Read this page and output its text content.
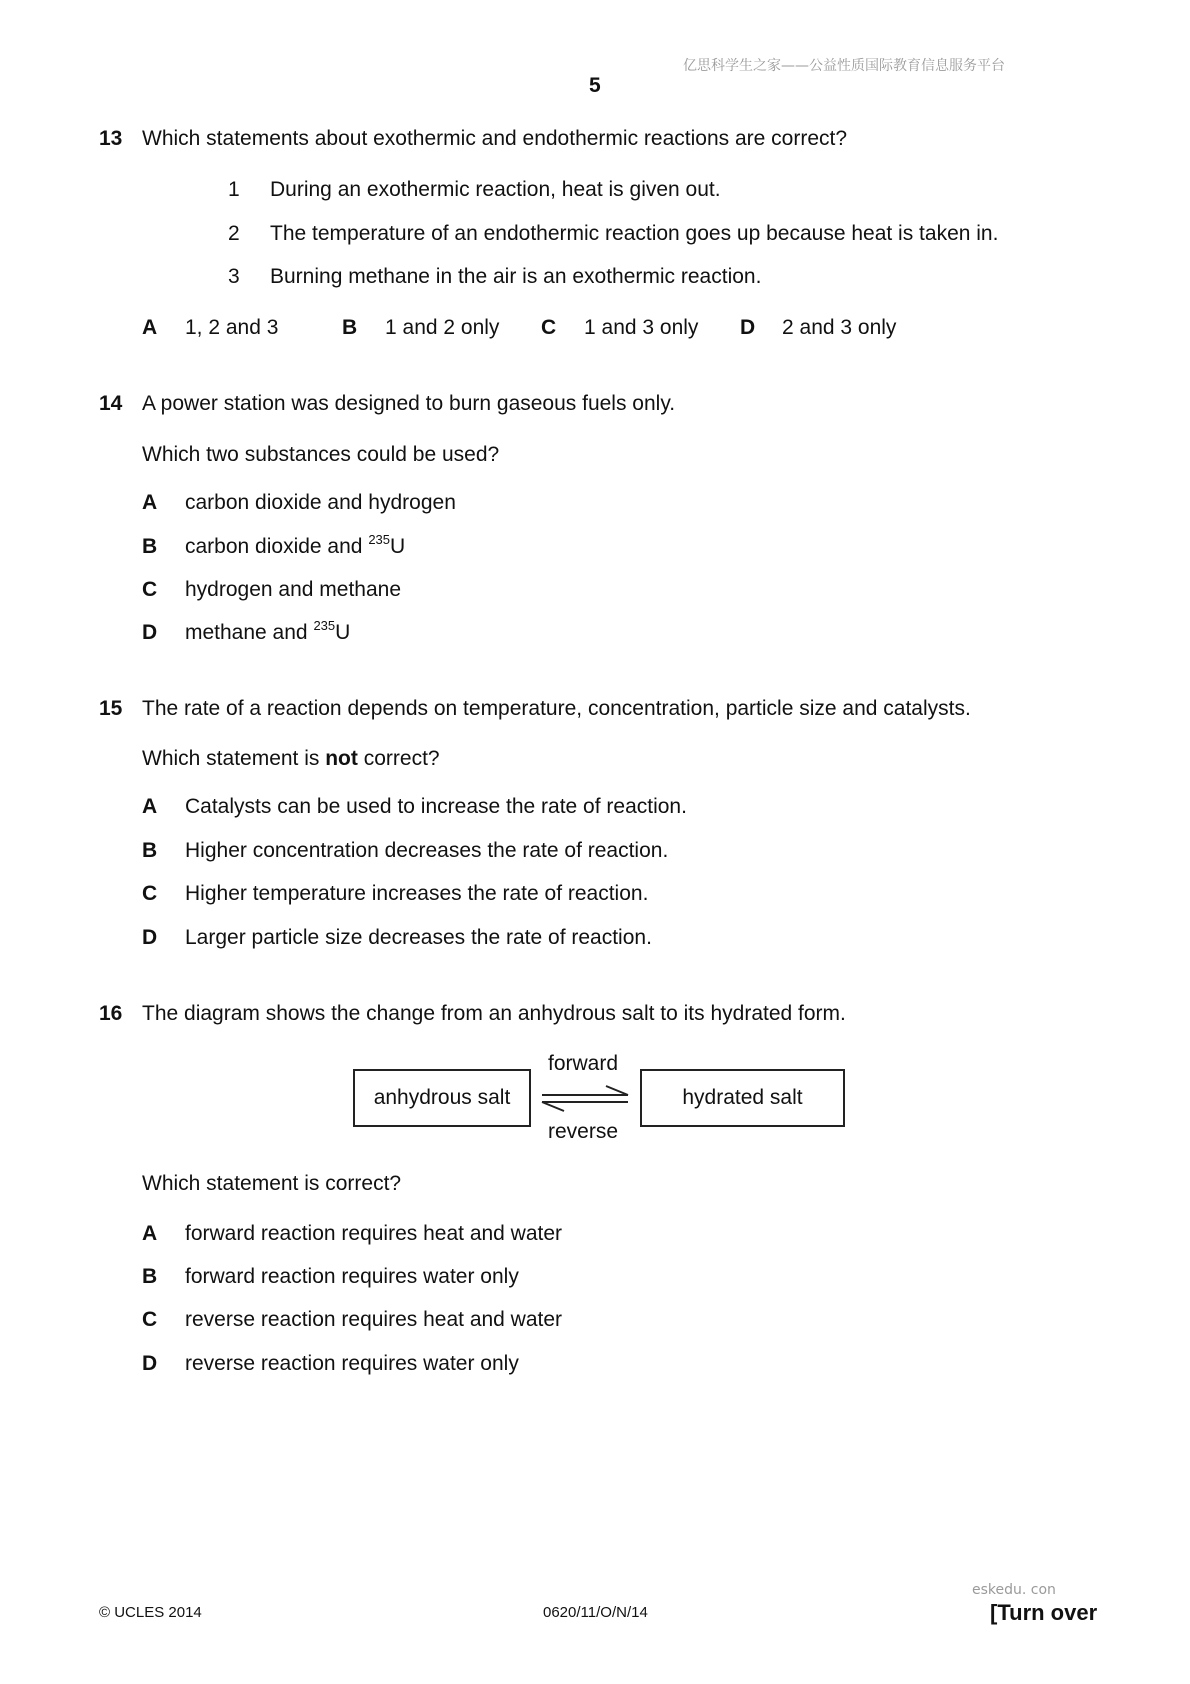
亿思科学生之家——公益性质国际教育信息服务平台
5
13 Which statements about exothermic and endothermic reactions are correct?
1 During an exothermic reaction, heat is given out.
2 The temperature of an endothermic reaction goes up because heat is taken in.
3 Burning methane in the air is an exothermic reaction.
A 1, 2 and 3	B 1 and 2 only C 1 and 3 only D 2 and 3 only
14 A power station was designed to burn gaseous fuels only.
Which two substances could be used?
A carbon dioxide and hydrogen
B carbon dioxide and $^{235}$U
C hydrogen and methane
D methane and $^{235}$U
15 The rate of a reaction depends on temperature, concentration, particle size and catalysts.
Which statement is not correct?
A Catalysts can be used to increase the rate of reaction.
B Higher concentration decreases the rate of reaction.
C Higher temperature increases the rate of reaction.
D Larger particle size decreases the rate of reaction.
16 The diagram shows the change from an anhydrous salt to its hydrated form.
anhydrous salt	hydrated salt
forward
reverse
Which statement is correct?
A forward reaction requires heat and water
B forward reaction requires water only
C reverse reaction requires heat and water
D reverse reaction requires water only
eskedu. con
© UCLES 2014	0620/11/O/N/14	[Turn over
